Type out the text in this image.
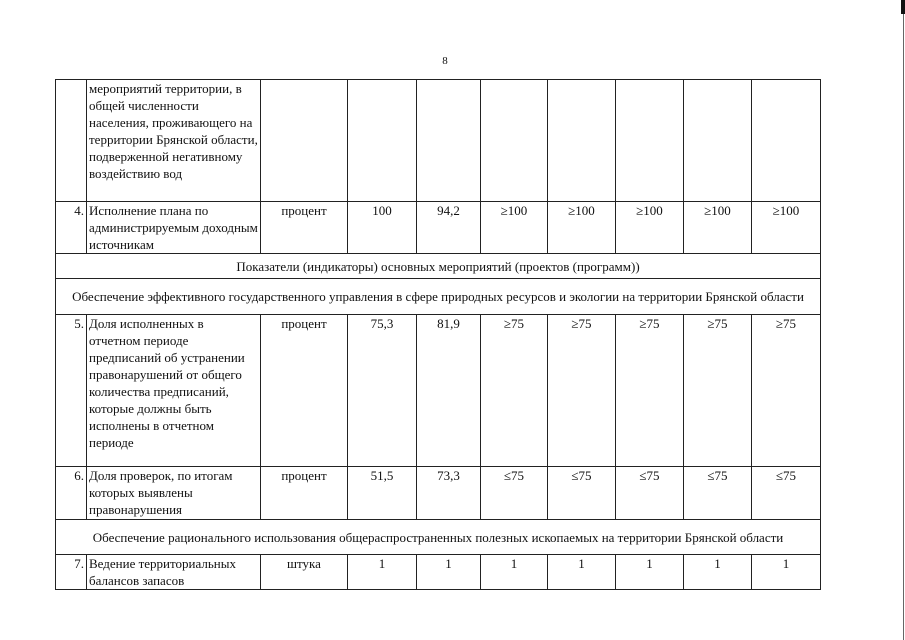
8
	мероприятий территории, в общей численности населения, проживающего на территории Брянской области, подверженной негативному воздействию вод								
4.	Исполнение плана по администрируемым доходным источникам	процент	100	94,2	≥100	≥100	≥100	≥100	≥100
Показатели (индикаторы) основных мероприятий (проектов (программ))									
Обеспечение эффективного государственного управления в сфере природных ресурсов и экологии на территории Брянской области									
5.	Доля исполненных в отчетном периоде предписаний об устранении правонарушений от общего количества предписаний, которые должны быть исполнены в отчетном периоде	процент	75,3	81,9	≥75	≥75	≥75	≥75	≥75
6.	Доля проверок, по итогам которых выявлены правонарушения	процент	51,5	73,3	≤75	≤75	≤75	≤75	≤75
Обеспечение рационального использования общераспространенных полезных ископаемых на территории Брянской области									
7.	Ведение территориальных балансов запасов	штука	1	1	1	1	1	1	1
